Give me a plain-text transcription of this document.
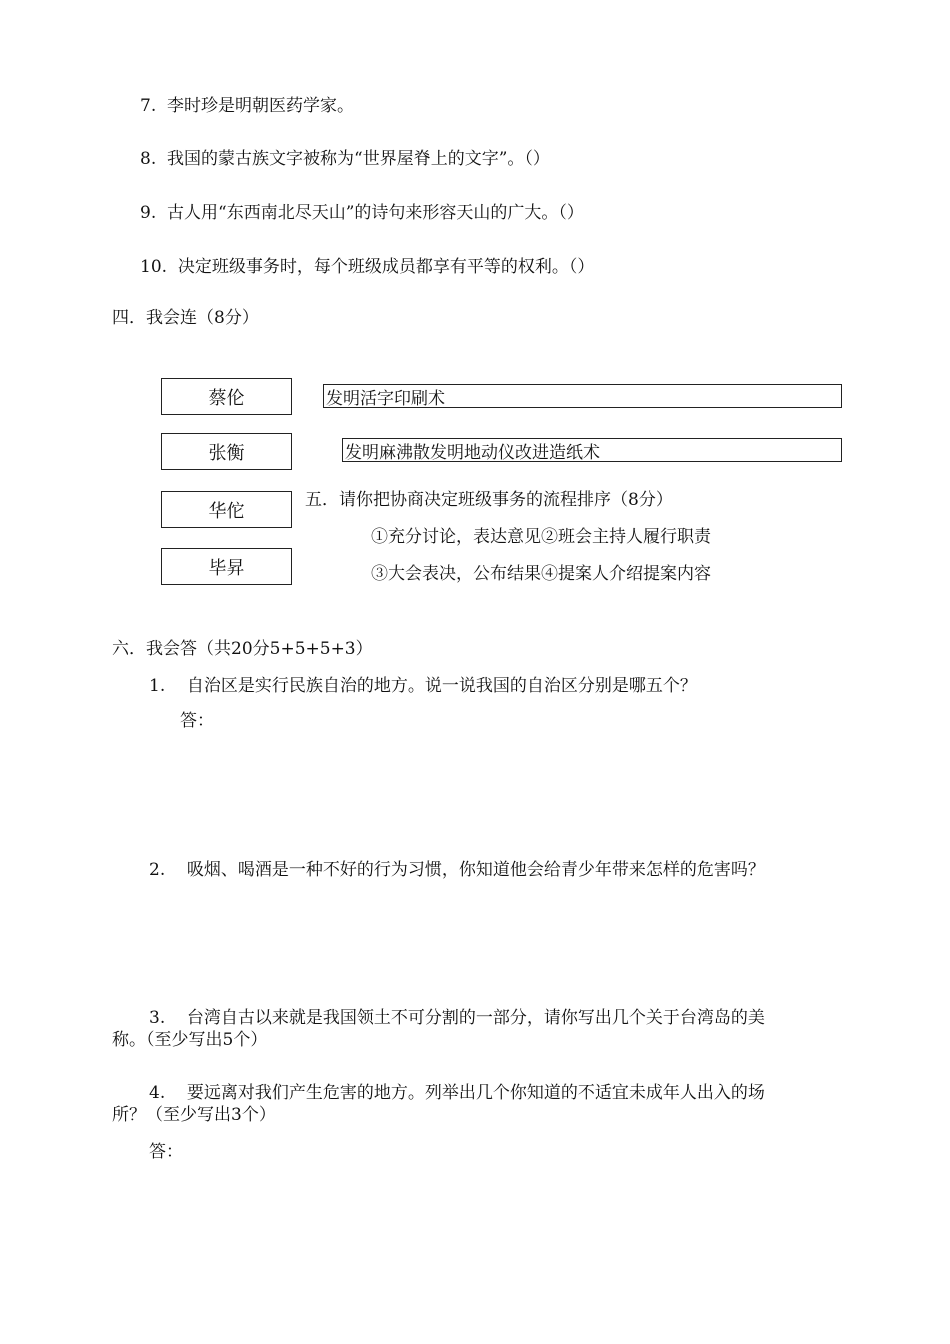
7. 李时珍是明朝医药学家。
8. 我国的蒙古族文字被称为“世界屋脊上的文字”。（）
9. 古人用“东西南北尽天山”的诗句来形容天山的广大。（）
10. 决定班级事务时，每个班级成员都享有平等的权利。（）
四．我会连（8分）
蔡伦
张衡
华佗
毕昇
发明活字印刷术
发明麻沸散发明地动仪改进造纸术
五．请你把协商决定班级事务的流程排序（8分）
①充分讨论，表达意见②班会主持人履行职责
③大会表决，公布结果④提案人介绍提案内容
六．我会答（共20分5+5+5+3）
1. 自治区是实行民族自治的地方。说一说我国的自治区分别是哪五个？
答：
2. 吸烟、喝酒是一种不好的行为习惯，你知道他会给青少年带来怎样的危害吗？
3. 台湾自古以来就是我国领土不可分割的一部分，请你写出几个关于台湾岛的美
称。（至少写出5个）
4. 要远离对我们产生危害的地方。列举出几个你知道的不适宜未成年人出入的场
所？（至少写出3个）
答：
